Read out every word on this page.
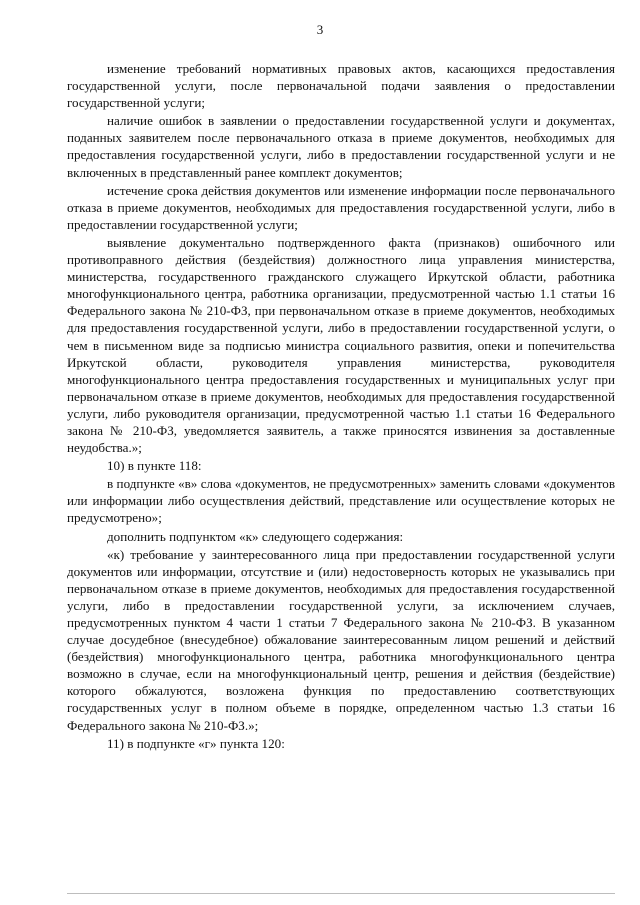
3

изменение требований нормативных правовых актов, касающихся предоставления государственной услуги, после первоначальной подачи заявления о предоставлении государственной услуги;

наличие ошибок в заявлении о предоставлении государственной услуги и документах, поданных заявителем после первоначального отказа в приеме документов, необходимых для предоставления государственной услуги, либо в предоставлении государственной услуги и не включенных в представленный ранее комплект документов;

истечение срока действия документов или изменение информации после первоначального отказа в приеме документов, необходимых для предоставления государственной услуги, либо в предоставлении государственной услуги;

выявление документально подтвержденного факта (признаков) ошибочного или противоправного действия (бездействия) должностного лица управления министерства, министерства, государственного гражданского служащего Иркутской области, работника многофункционального центра, работника организации, предусмотренной частью 1.1 статьи 16 Федерального закона № 210-ФЗ, при первоначальном отказе в приеме документов, необходимых для предоставления государственной услуги, либо в предоставлении государственной услуги, о чем в письменном виде за подписью министра социального развития, опеки и попечительства Иркутской области, руководителя управления министерства, руководителя многофункционального центра предоставления государственных и муниципальных услуг при первоначальном отказе в приеме документов, необходимых для предоставления государственной услуги, либо руководителя организации, предусмотренной частью 1.1 статьи 16 Федерального закона № 210-ФЗ, уведомляется заявитель, а также приносятся извинения за доставленные неудобства.»;

10) в пункте 118:

в подпункте «в» слова «документов, не предусмотренных» заменить словами «документов или информации либо осуществления действий, представление или осуществление которых не предусмотрено»;

дополнить подпунктом «к» следующего содержания:

«к) требование у заинтересованного лица при предоставлении государственной услуги документов или информации, отсутствие и (или) недостоверность которых не указывались при первоначальном отказе в приеме документов, необходимых для предоставления государственной услуги, либо в предоставлении государственной услуги, за исключением случаев, предусмотренных пунктом 4 части 1 статьи 7 Федерального закона № 210-ФЗ. В указанном случае досудебное (внесудебное) обжалование заинтересованным лицом решений и действий (бездействия) многофункционального центра, работника многофункционального центра возможно в случае, если на многофункциональный центр, решения и действия (бездействие) которого обжалуются, возложена функция по предоставлению соответствующих государственных услуг в полном объеме в порядке, определенном частью 1.3 статьи 16 Федерального закона № 210-ФЗ.»;

11) в подпункте «г» пункта 120:
